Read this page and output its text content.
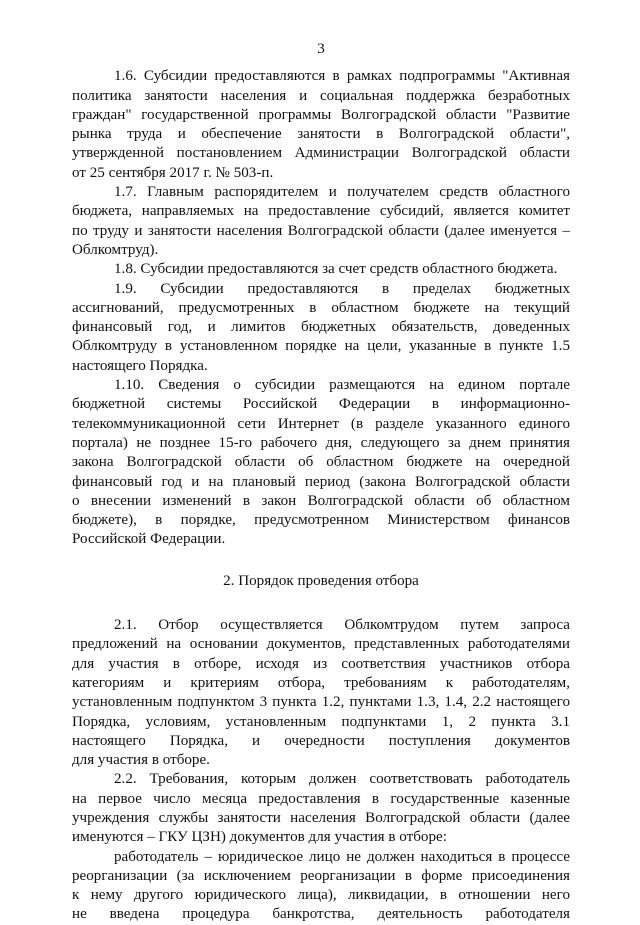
3
1.6. Субсидии предоставляются в рамках подпрограммы "Активная
политика занятости населения и социальная поддержка безработных
граждан" государственной программы Волгоградской области "Развитие
рынка труда и обеспечение занятости в Волгоградской области",
утвержденной постановлением Администрации Волгоградской области
от 25 сентября 2017 г. № 503-п.
1.7. Главным распорядителем и получателем средств областного
бюджета, направляемых на предоставление субсидий, является комитет
по труду и занятости населения Волгоградской области (далее именуется –
Облкомтруд).
1.8. Субсидии предоставляются за счет средств областного бюджета.
1.9. Субсидии предоставляются в пределах бюджетных
ассигнований, предусмотренных в областном бюджете на текущий
финансовый год, и лимитов бюджетных обязательств, доведенных
Облкомтруду в установленном порядке на цели, указанные в пункте 1.5
настоящего Порядка.
1.10. Сведения о субсидии размещаются на едином портале
бюджетной системы Российской Федерации в информационно-
телекоммуникационной сети Интернет (в разделе указанного единого
портала) не позднее 15-го рабочего дня, следующего за днем принятия
закона Волгоградской области об областном бюджете на очередной
финансовый год и на плановый период (закона Волгоградской области
о внесении изменений в закон Волгоградской области об областном
бюджете), в порядке, предусмотренном Министерством финансов
Российской Федерации.
2. Порядок проведения отбора
2.1. Отбор осуществляется Облкомтрудом путем запроса
предложений на основании документов, представленных работодателями
для участия в отборе, исходя из соответствия участников отбора
категориям и критериям отбора, требованиям к работодателям,
установленным подпунктом 3 пункта 1.2, пунктами 1.3, 1.4, 2.2 настоящего
Порядка, условиям, установленным подпунктами 1, 2 пункта 3.1
настоящего Порядка, и очередности поступления документов
для участия в отборе.
2.2. Требования, которым должен соответствовать работодатель
на первое число месяца предоставления в государственные казенные
учреждения службы занятости населения Волгоградской области (далее
именуются – ГКУ ЦЗН) документов для участия в отборе:
работодатель – юридическое лицо не должен находиться в процессе
реорганизации (за исключением реорганизации в форме присоединения
к нему другого юридического лица), ликвидации, в отношении него
не введена процедура банкротства, деятельность работодателя
